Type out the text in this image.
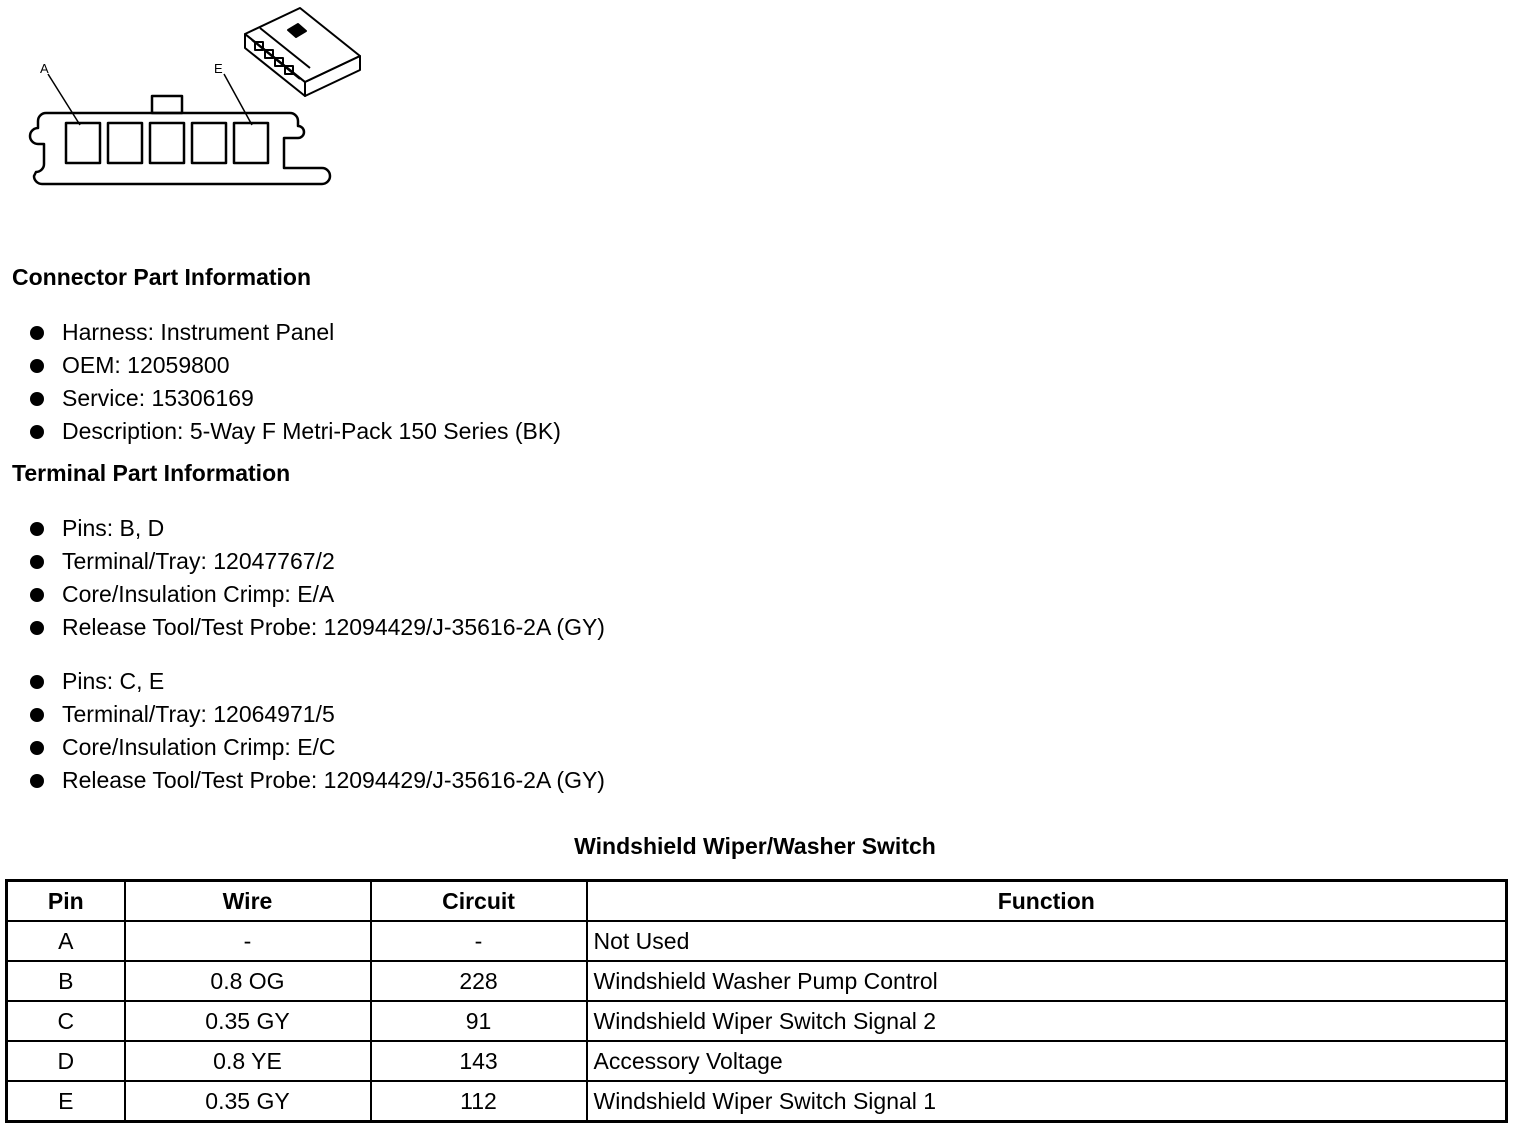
A	E
Connector Part Information
Harness: Instrument Panel
OEM: 12059800
Service: 15306169
Description: 5-Way F Metri-Pack 150 Series (BK)
Terminal Part Information
Pins: B, D
Terminal/Tray: 12047767/2
Core/Insulation Crimp: E/A
Release Tool/Test Probe: 12094429/J-35616-2A (GY)
Pins: C, E
Terminal/Tray: 12064971/5
Core/Insulation Crimp: E/C
Release Tool/Test Probe: 12094429/J-35616-2A (GY)
Windshield Wiper/Washer Switch
Pin	Wire	Circuit	Function
A	-	-	Not Used
B	0.8 OG	228	Windshield Washer Pump Control
C	0.35 GY	91	Windshield Wiper Switch Signal 2
D	0.8 YE	143	Accessory Voltage
E	0.35 GY	112	Windshield Wiper Switch Signal 1
